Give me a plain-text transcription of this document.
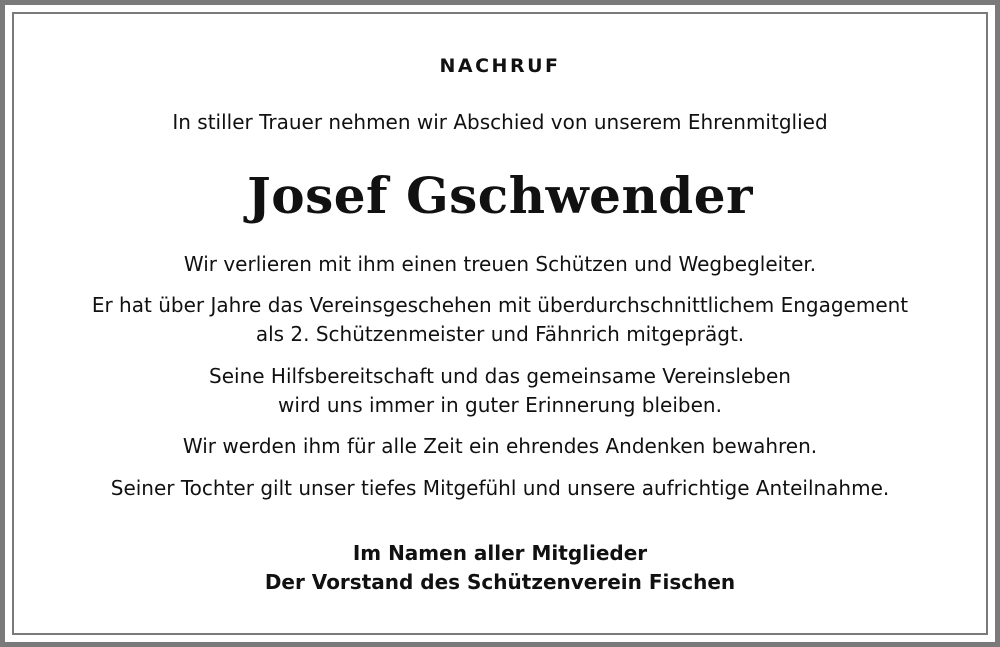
NACHRUF
In stiller Trauer nehmen wir Abschied von unserem Ehrenmitglied
Josef Gschwender
Wir verlieren mit ihm einen treuen Schützen und Wegbegleiter.
Er hat über Jahre das Vereinsgeschehen mit überdurchschnittlichem Engagement
als 2. Schützenmeister und Fähnrich mitgeprägt.
Seine Hilfsbereitschaft und das gemeinsame Vereinsleben
wird uns immer in guter Erinnerung bleiben.
Wir werden ihm für alle Zeit ein ehrendes Andenken bewahren.
Seiner Tochter gilt unser tiefes Mitgefühl und unsere aufrichtige Anteilnahme.
Im Namen aller Mitglieder
Der Vorstand des Schützenverein Fischen
